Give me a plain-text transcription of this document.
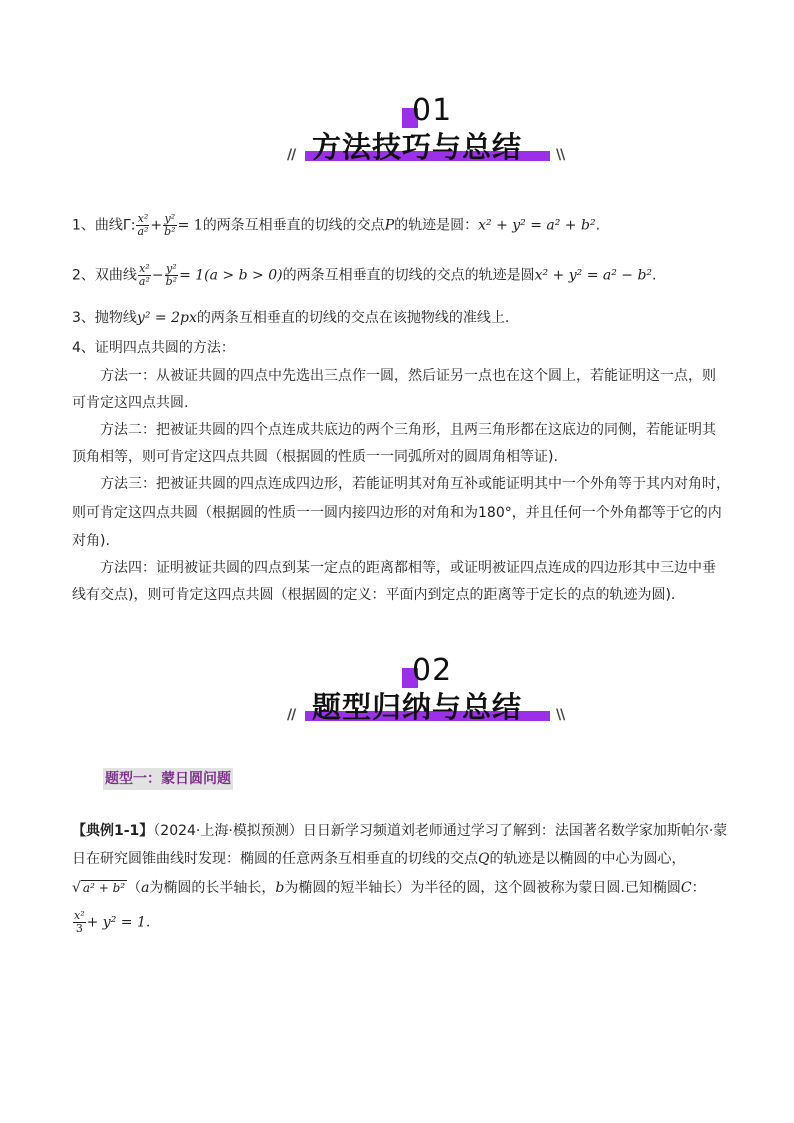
01
方法技巧与总结
//	\\
1、曲线Γ: $\frac{\text{x²}}{\text{a²}} + \frac{\text{y²}}{\text{b²}} = 1$的两条互相垂直的切线的交点P的轨迹是圆：x² + y² = a² + b².
2、双曲线 $\frac{\text{x²}}{\text{a²}} - \frac{\text{y²}}{\text{b²}} = 1(a > b > 0)$的两条互相垂直的切线的交点的轨迹是圆x² + y² = a² − b².
3、抛物线y² = 2px的两条互相垂直的切线的交点在该抛物线的准线上.
4、证明四点共圆的方法：
方法一：从被证共圆的四点中先选出三点作一圆，然后证另一点也在这个圆上，若能证明这一点，则
可肯定这四点共圆.
方法二：把被证共圆的四个点连成共底边的两个三角形，且两三角形都在这底边的同侧，若能证明其
顶角相等，则可肯定这四点共圆（根据圆的性质一一同弧所对的圆周角相等证).
方法三：把被证共圆的四点连成四边形，若能证明其对角互补或能证明其中一个外角等于其内对角时，
则可肯定这四点共圆（根据圆的性质一一圆内接四边形的对角和为180°，并且任何一个外角都等于它的内
对角).
方法四：证明被证共圆的四点到某一定点的距离都相等，或证明被证四点连成的四边形其中三边中垂
线有交点)，则可肯定这四点共圆（根据圆的定义：平面内到定点的距离等于定长的点的轨迹为圆).
02
题型归纳与总结
//	\\
题型一：蒙日圆问题
【典例1-1】（2024·上海·模拟预测）日日新学习频道刘老师通过学习了解到：法国著名数学家加斯帕尔·蒙
日在研究圆锥曲线时发现：椭圆的任意两条互相垂直的切线的交点Q的轨迹是以椭圆的中心为圆心，
√ a² + b² （a为椭圆的长半轴长，b为椭圆的短半轴长）为半径的圆，这个圆被称为蒙日圆.已知椭圆C：
$\frac{\text{x²}}{3} + y^2 = 1$.
